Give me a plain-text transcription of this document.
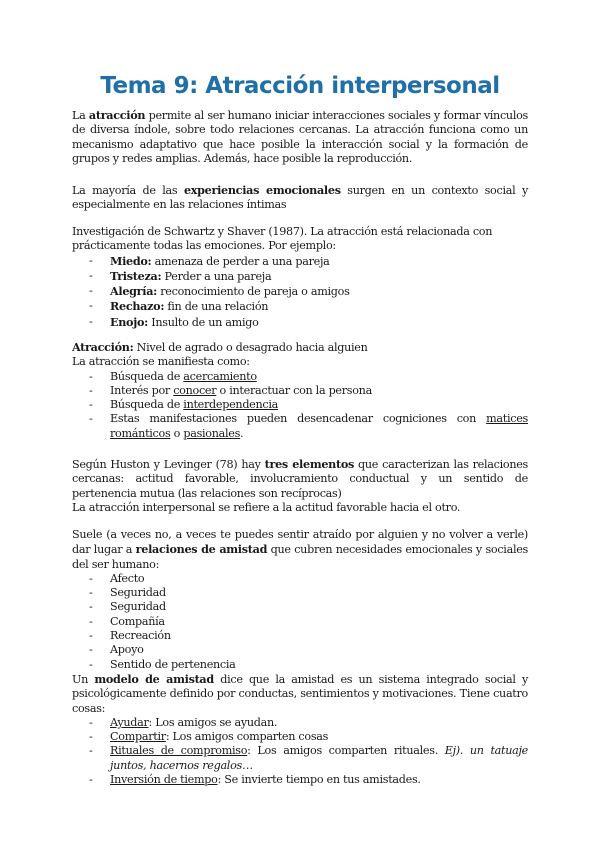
Tema 9: Atracción interpersonal
La atracción permite al ser humano iniciar interacciones sociales y formar vínculos de diversa índole, sobre todo relaciones cercanas. La atracción funciona como un mecanismo adaptativo que hace posible la interacción social y la formación de grupos y redes amplias. Además, hace posible la reproducción.
La mayoría de las experiencias emocionales surgen en un contexto social y especialmente en las relaciones íntimas
Investigación de Schwartz y Shaver (1987). La atracción está relacionada con prácticamente todas las emociones. Por ejemplo:
- Miedo: amenaza de perder a una pareja
- Tristeza: Perder a una pareja
- Alegría: reconocimiento de pareja o amigos
- Rechazo: fin de una relación
- Enojo: Insulto de un amigo
Atracción: Nivel de agrado o desagrado hacia alguien
La atracción se manifiesta como:
- Búsqueda de acercamiento
- Interés por conocer o interactuar con la persona
- Búsqueda de interdependencia
- Estas manifestaciones pueden desencadenar cogniciones con matices románticos o pasionales.
Según Huston y Levinger (78) hay tres elementos que caracterizan las relaciones cercanas: actitud favorable, involucramiento conductual y un sentido de pertenencia mutua (las relaciones son recíprocas)
La atracción interpersonal se refiere a la actitud favorable hacia el otro.
Suele (a veces no, a veces te puedes sentir atraído por alguien y no volver a verle) dar lugar a relaciones de amistad que cubren necesidades emocionales y sociales del ser humano:
- Afecto
- Seguridad
- Seguridad
- Compañía
- Recreación
- Apoyo
- Sentido de pertenencia
Un modelo de amistad dice que la amistad es un sistema integrado social y psicológicamente definido por conductas, sentimientos y motivaciones. Tiene cuatro cosas:
- Ayudar: Los amigos se ayudan.
- Compartir: Los amigos comparten cosas
- Rituales de compromiso: Los amigos comparten rituales. Ej). un tatuaje juntos, hacernos regalos…
- Inversión de tiempo: Se invierte tiempo en tus amistades.
